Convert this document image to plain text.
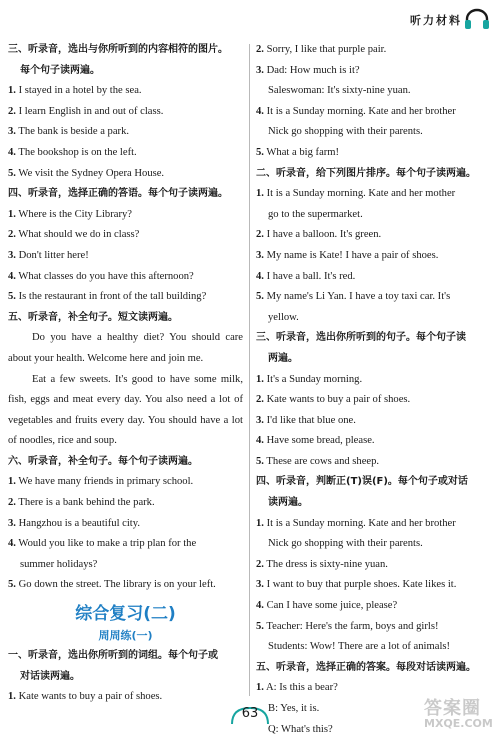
听力材料
三、听录音，选出与你所听到的内容相符的图片。
每个句子读两遍。
1. I stayed in a hotel by the sea.
2. I learn English in and out of class.
3. The bank is beside a park.
4. The bookshop is on the left.
5. We visit the Sydney Opera House.
四、听录音，选择正确的答语。每个句子读两遍。
1. Where is the City Library?
2. What should we do in class?
3. Don't litter here!
4. What classes do you have this afternoon?
5. Is the restaurant in front of the tall building?
五、听录音，补全句子。短文读两遍。
Do you have a healthy diet? You should care about your health. Welcome here and join me.
Eat a few sweets. It's good to have some milk, fish, eggs and meat every day. You also need a lot of vegetables and fruits every day. You should have a lot of noodles, rice and soup.
六、听录音，补全句子。每个句子读两遍。
1. We have many friends in primary school.
2. There is a bank behind the park.
3. Hangzhou is a beautiful city.
4. Would you like to make a trip plan for the
summer holidays?
5. Go down the street. The library is on your left.
综合复习(二)
周周练(一)
一、听录音，选出你所听到的词组。每个句子或
对话读两遍。
1. Kate wants to buy a pair of shoes.
2. Sorry, I like that purple pair.
3. Dad: How much is it?
Saleswoman: It's sixty-nine yuan.
4. It is a Sunday morning. Kate and her brother
Nick go shopping with their parents.
5. What a big farm!
二、听录音，给下列图片排序。每个句子读两遍。
1. It is a Sunday morning. Kate and her mother
go to the supermarket.
2. I have a balloon. It's green.
3. My name is Kate! I have a pair of shoes.
4. I have a ball. It's red.
5. My name's Li Yan. I have a toy taxi car. It's
yellow.
三、听录音，选出你所听到的句子。每个句子读
两遍。
1. It's a Sunday morning.
2. Kate wants to buy a pair of shoes.
3. I'd like that blue one.
4. Have some bread, please.
5. These are cows and sheep.
四、听录音，判断正(T)误(F)。每个句子或对话
读两遍。
1. It is a Sunday morning. Kate and her brother
Nick go shopping with their parents.
2. The dress is sixty-nine yuan.
3. I want to buy that purple shoes. Kate likes it.
4. Can I have some juice, please?
5. Teacher: Here's the farm, boys and girls!
Students: Wow! There are a lot of animals!
五、听录音，选择正确的答案。每段对话读两遍。
1. A: Is this a bear?
B: Yes, it is.
Q: What's this?
63	答案圈
MXQE.COM
